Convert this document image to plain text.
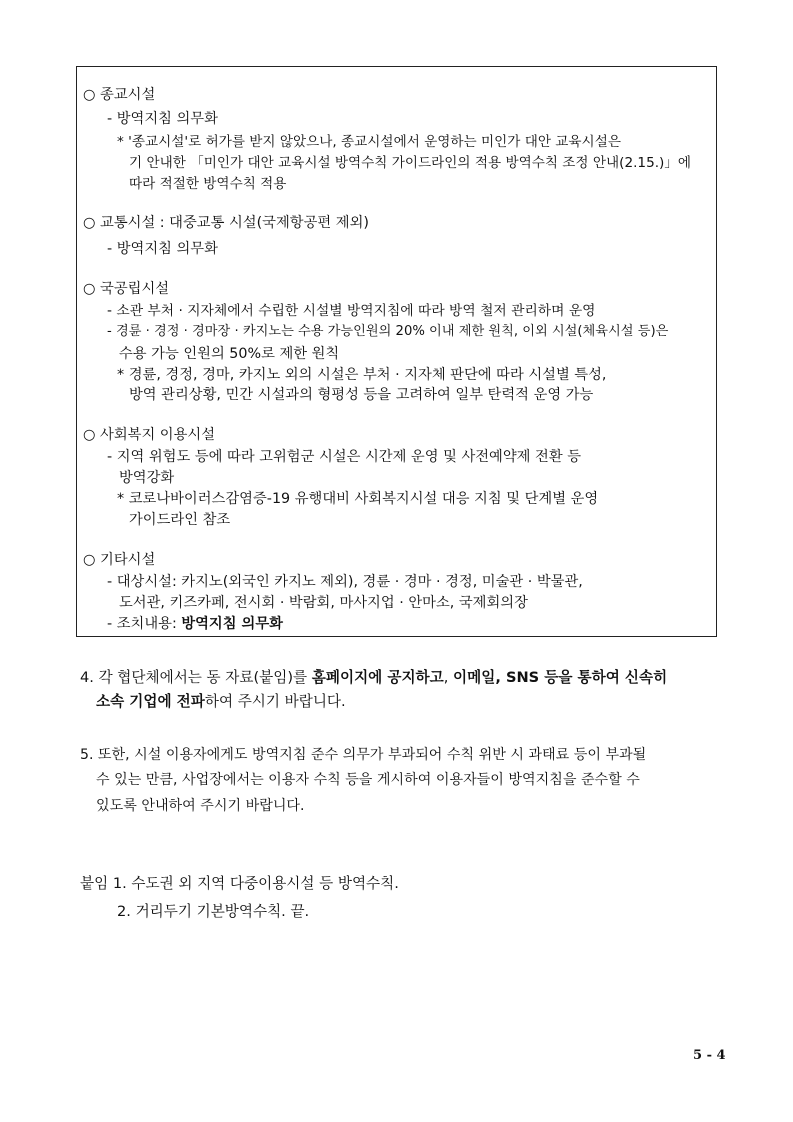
○ 종교시설
- 방역지침 의무화
* '종교시설'로 허가를 받지 않았으나, 종교시설에서 운영하는 미인가 대안 교육시설은
기 안내한 「미인가 대안 교육시설 방역수칙 가이드라인의 적용 방역수칙 조정 안내(2.15.)」에
따라 적절한 방역수칙 적용
○ 교통시설 : 대중교통 시설(국제항공편 제외)
- 방역지침 의무화
○ 국공립시설
- 소관 부처 · 지자체에서 수립한 시설별 방역지침에 따라 방역 철저 관리하며 운영
- 경륜 · 경정 · 경마장 · 카지노는 수용 가능인원의 20% 이내 제한 원칙, 이외 시설(체육시설 등)은
수용 가능 인원의 50%로 제한 원칙
* 경륜, 경정, 경마, 카지노 외의 시설은 부처 · 지자체 판단에 따라 시설별 특성,
방역 관리상황, 민간 시설과의 형평성 등을 고려하여 일부 탄력적 운영 가능
○ 사회복지 이용시설
- 지역 위험도 등에 따라 고위험군 시설은 시간제 운영 및 사전예약제 전환 등
방역강화
* 코로나바이러스감염증-19 유행대비 사회복지시설 대응 지침 및 단계별 운영
가이드라인 참조
○ 기타시설
- 대상시설: 카지노(외국인 카지노 제외), 경륜 · 경마 · 경정, 미술관 · 박물관,
도서관, 키즈카페, 전시회 · 박람회, 마사지업 · 안마소, 국제회의장
- 조치내용: 방역지침 의무화
4. 각 협단체에서는 동 자료(붙임)를 홈페이지에 공지하고, 이메일, SNS 등을 통하여 신속히
소속 기업에 전파하여 주시기 바랍니다.
5. 또한, 시설 이용자에게도 방역지침 준수 의무가 부과되어 수칙 위반 시 과태료 등이 부과될
수 있는 만큼, 사업장에서는 이용자 수칙 등을 게시하여 이용자들이 방역지침을 준수할 수
있도록 안내하여 주시기 바랍니다.
붙임 1. 수도권 외 지역 다중이용시설 등 방역수칙.
2. 거리두기 기본방역수칙. 끝.
5 - 4
